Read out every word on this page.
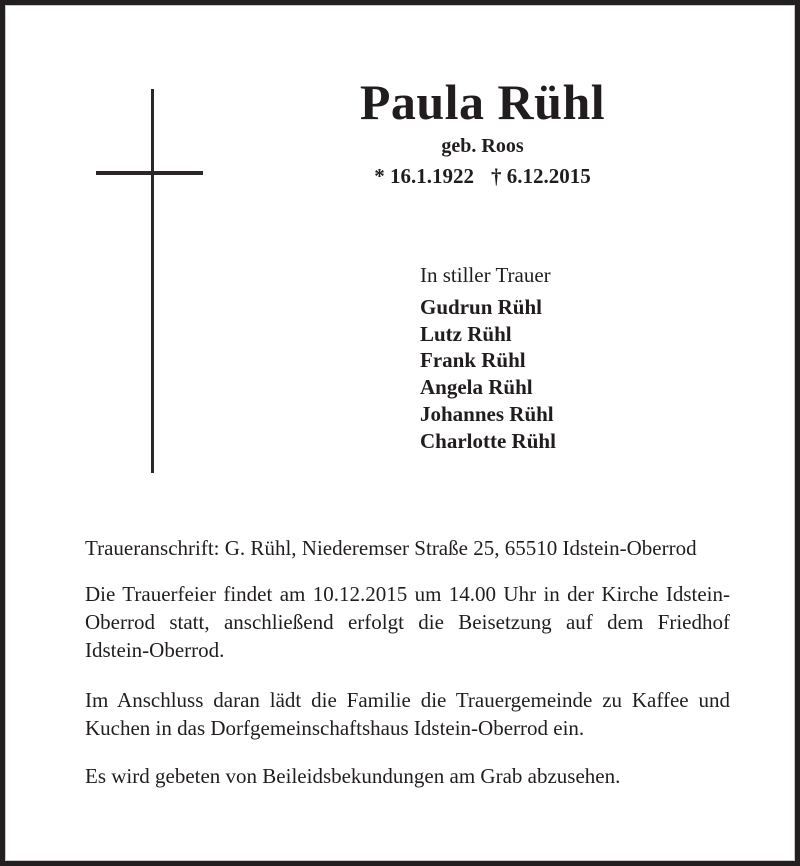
Paula Rühl
geb. Roos
* 16.1.1922 † 6.12.2015
In stiller Trauer
Gudrun Rühl
Lutz Rühl
Frank Rühl
Angela Rühl
Johannes Rühl
Charlotte Rühl
Traueranschrift: G. Rühl, Niederemser Straße 25, 65510 Idstein-Oberrod
Die Trauerfeier findet am 10.12.2015 um 14.00 Uhr in der Kirche Idstein-
Oberrod statt, anschließend erfolgt die Beisetzung auf dem Friedhof
Idstein-Oberrod.
Im Anschluss daran lädt die Familie die Trauergemeinde zu Kaffee und
Kuchen in das Dorfgemeinschaftshaus Idstein-Oberrod ein.
Es wird gebeten von Beileidsbekundungen am Grab abzusehen.
